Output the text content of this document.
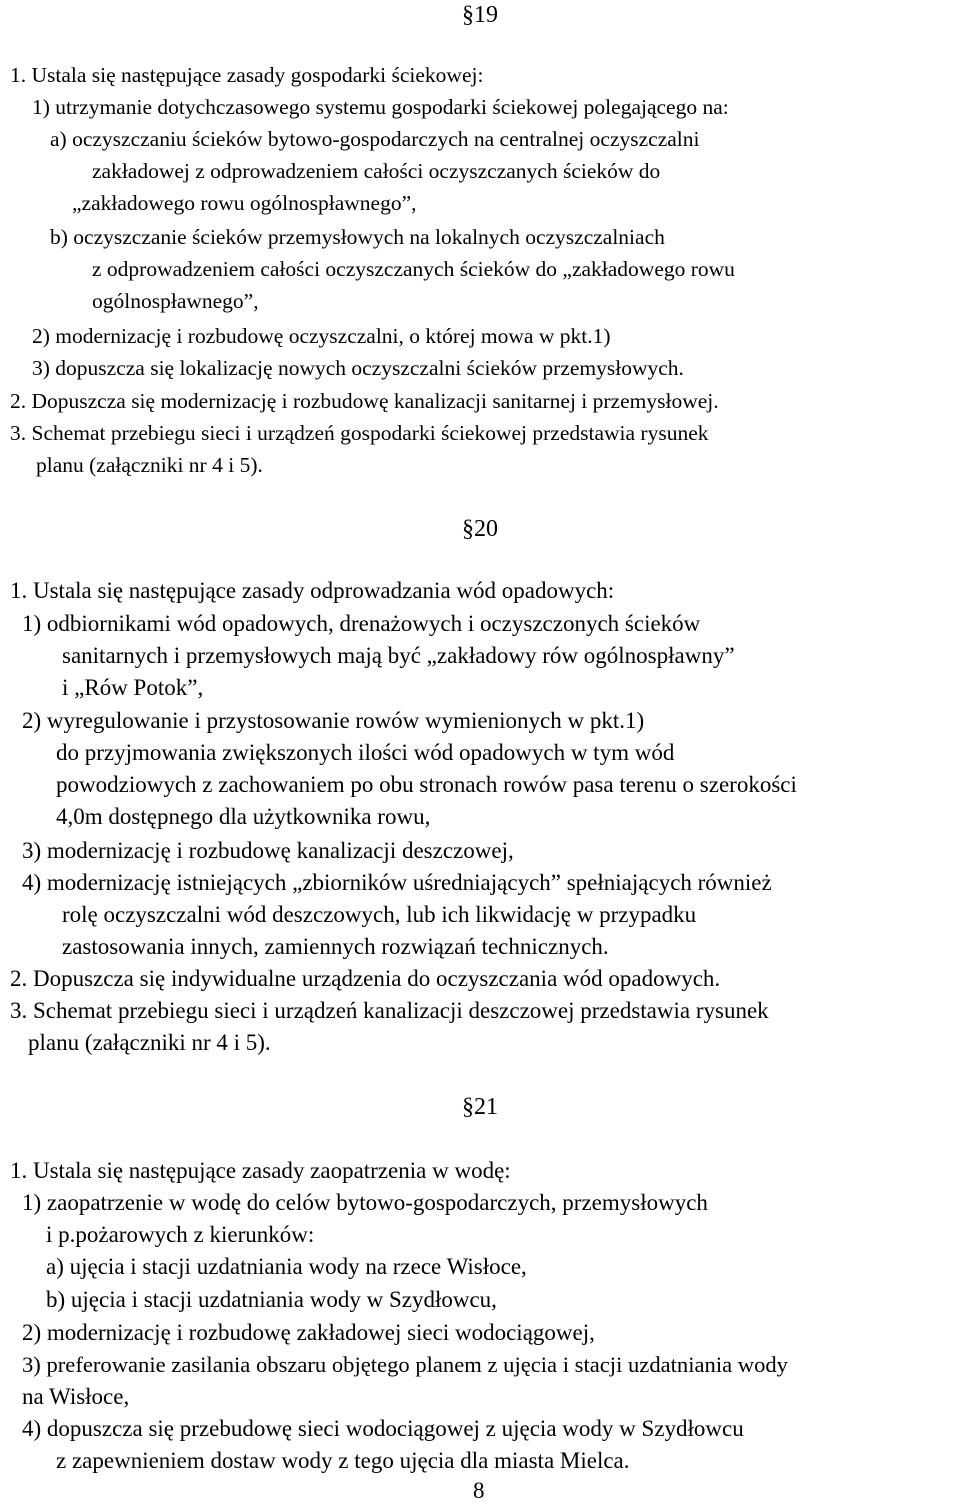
§19
1. Ustala się następujące zasady gospodarki ściekowej:
1) utrzymanie dotychczasowego systemu gospodarki ściekowej polegającego na:
a) oczyszczaniu ścieków bytowo-gospodarczych na centralnej oczyszczalni
zakładowej z odprowadzeniem całości oczyszczanych ścieków do
„zakładowego rowu ogólnospławnego”,
b) oczyszczanie ścieków przemysłowych na lokalnych oczyszczalniach
z odprowadzeniem całości oczyszczanych ścieków do „zakładowego rowu
ogólnospławnego”,
2) modernizację i rozbudowę oczyszczalni, o której mowa w pkt.1)
3) dopuszcza się lokalizację nowych oczyszczalni ścieków przemysłowych.
2. Dopuszcza się modernizację i rozbudowę kanalizacji sanitarnej i przemysłowej.
3. Schemat przebiegu sieci i urządzeń gospodarki ściekowej przedstawia rysunek
planu (załączniki nr 4 i 5).
§20
1. Ustala się następujące zasady odprowadzania wód opadowych:
1) odbiornikami wód opadowych, drenażowych i oczyszczonych ścieków
sanitarnych i przemysłowych mają być „zakładowy rów ogólnospławny”
i „Rów Potok”,
2) wyregulowanie i przystosowanie rowów wymienionych w pkt.1)
do przyjmowania zwiększonych ilości wód opadowych w tym wód
powodziowych z zachowaniem po obu stronach rowów pasa terenu o szerokości
4,0m dostępnego dla użytkownika rowu,
3) modernizację i rozbudowę kanalizacji deszczowej,
4) modernizację istniejących „zbiorników uśredniających” spełniających również
rolę oczyszczalni wód deszczowych, lub ich likwidację w przypadku
zastosowania innych, zamiennych rozwiązań technicznych.
2. Dopuszcza się indywidualne urządzenia do oczyszczania wód opadowych.
3. Schemat przebiegu sieci i urządzeń kanalizacji deszczowej przedstawia rysunek
planu (załączniki nr 4 i 5).
§21
1. Ustala się następujące zasady zaopatrzenia w wodę:
1) zaopatrzenie w wodę do celów bytowo-gospodarczych, przemysłowych
i p.pożarowych z kierunków:
a) ujęcia i stacji uzdatniania wody na rzece Wisłoce,
b) ujęcia i stacji uzdatniania wody w Szydłowcu,
2) modernizację i rozbudowę zakładowej sieci wodociągowej,
3) preferowanie zasilania obszaru objętego planem z ujęcia i stacji uzdatniania wody
na Wisłoce,
4) dopuszcza się przebudowę sieci wodociągowej z ujęcia wody w Szydłowcu
z zapewnieniem dostaw wody z tego ujęcia dla miasta Mielca.
8
